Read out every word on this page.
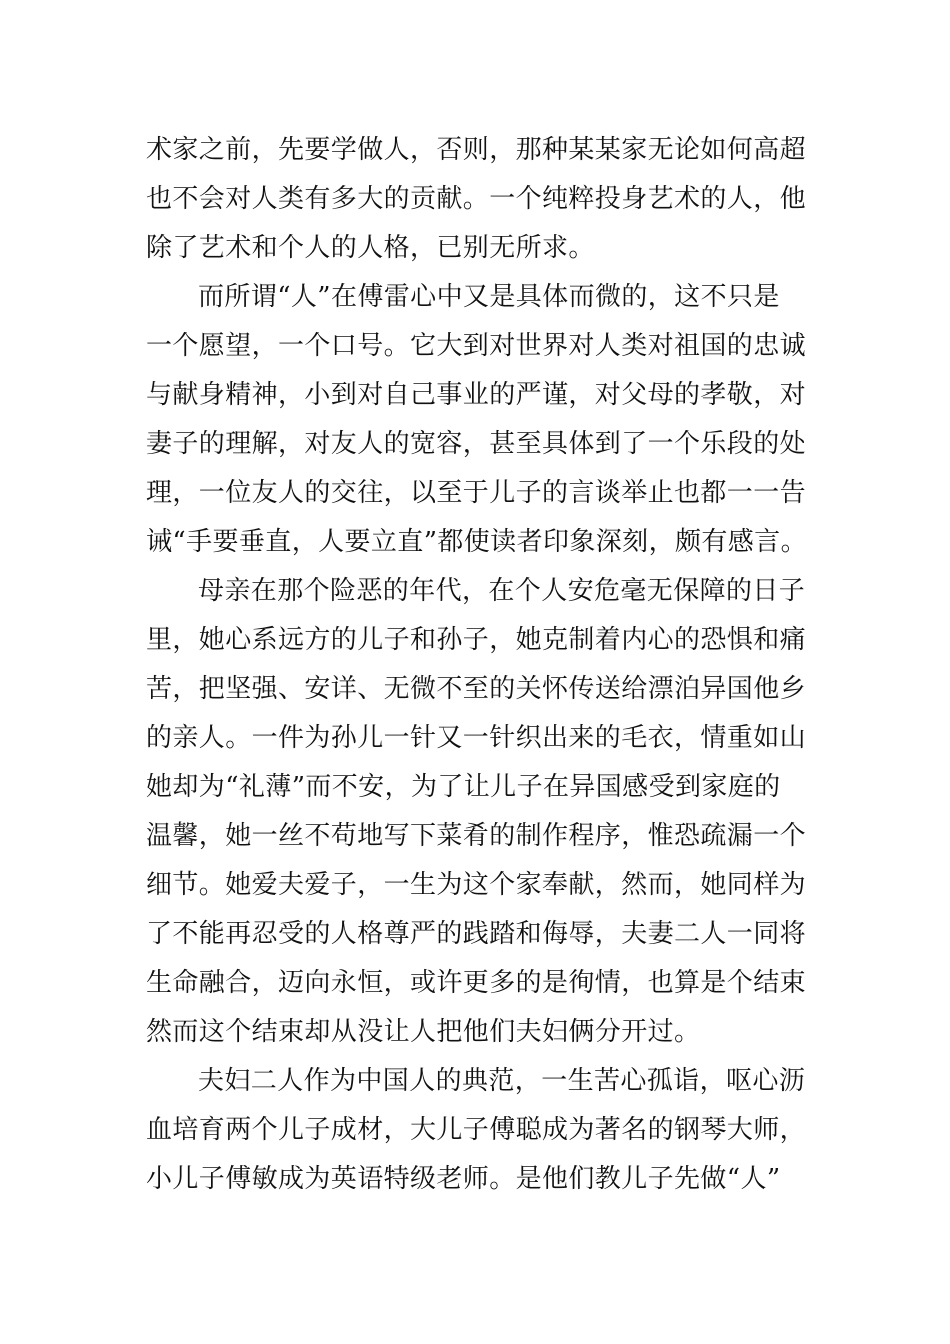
术家之前，先要学做人，否则，那种某某家无论如何高超
也不会对人类有多大的贡献。一个纯粹投身艺术的人，他
除了艺术和个人的人格，已别无所求。
而所谓“人”在傅雷心中又是具体而微的，这不只是
一个愿望，一个口号。它大到对世界对人类对祖国的忠诚
与献身精神，小到对自己事业的严谨，对父母的孝敬，对
妻子的理解，对友人的宽容，甚至具体到了一个乐段的处
理，一位友人的交往，以至于儿子的言谈举止也都一一告
诫“手要垂直，人要立直”都使读者印象深刻，颇有感言。
母亲在那个险恶的年代，在个人安危毫无保障的日子
里，她心系远方的儿子和孙子，她克制着内心的恐惧和痛
苦，把坚强、安详、无微不至的关怀传送给漂泊异国他乡
的亲人。一件为孙儿一针又一针织出来的毛衣，情重如山
她却为“礼薄”而不安，为了让儿子在异国感受到家庭的
温馨，她一丝不苟地写下菜肴的制作程序，惟恐疏漏一个
细节。她爱夫爱子，一生为这个家奉献，然而，她同样为
了不能再忍受的人格尊严的践踏和侮辱，夫妻二人一同将
生命融合，迈向永恒，或许更多的是徇情，也算是个结束
然而这个结束却从没让人把他们夫妇俩分开过。
夫妇二人作为中国人的典范，一生苦心孤诣，呕心沥
血培育两个儿子成材，大儿子傅聪成为著名的钢琴大师，
小儿子傅敏成为英语特级老师。是他们教儿子先做“人”
